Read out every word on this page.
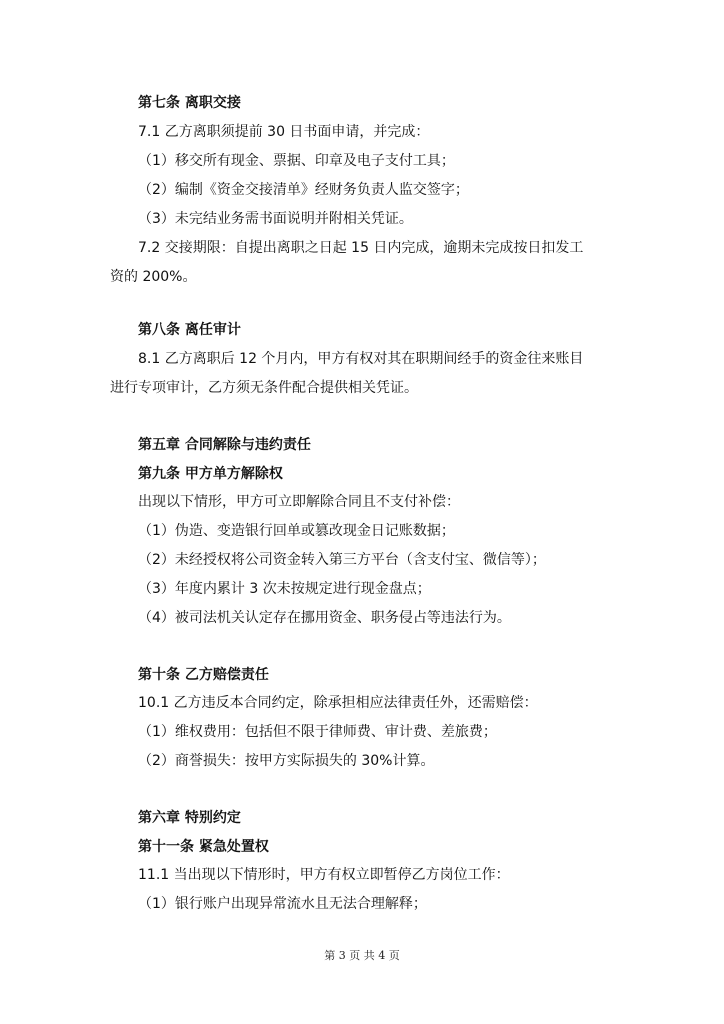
第七条 离职交接
7.1 乙方离职须提前 30 日书面申请，并完成：
（1）移交所有现金、票据、印章及电子支付工具；
（2）编制《资金交接清单》经财务负责人监交签字；
（3）未完结业务需书面说明并附相关凭证。
7.2 交接期限：自提出离职之日起 15 日内完成，逾期未完成按日扣发工资的 200%。
第八条 离任审计
8.1 乙方离职后 12 个月内，甲方有权对其在职期间经手的资金往来账目进行专项审计，乙方须无条件配合提供相关凭证。
第五章 合同解除与违约责任
第九条 甲方单方解除权
出现以下情形，甲方可立即解除合同且不支付补偿：
（1）伪造、变造银行回单或篡改现金日记账数据；
（2）未经授权将公司资金转入第三方平台（含支付宝、微信等）；
（3）年度内累计 3 次未按规定进行现金盘点；
（4）被司法机关认定存在挪用资金、职务侵占等违法行为。
第十条 乙方赔偿责任
10.1 乙方违反本合同约定，除承担相应法律责任外，还需赔偿：
（1）维权费用：包括但不限于律师费、审计费、差旅费；
（2）商誉损失：按甲方实际损失的 30%计算。
第六章 特别约定
第十一条 紧急处置权
11.1 当出现以下情形时，甲方有权立即暂停乙方岗位工作：
（1）银行账户出现异常流水且无法合理解释；
第 3 页 共 4 页
